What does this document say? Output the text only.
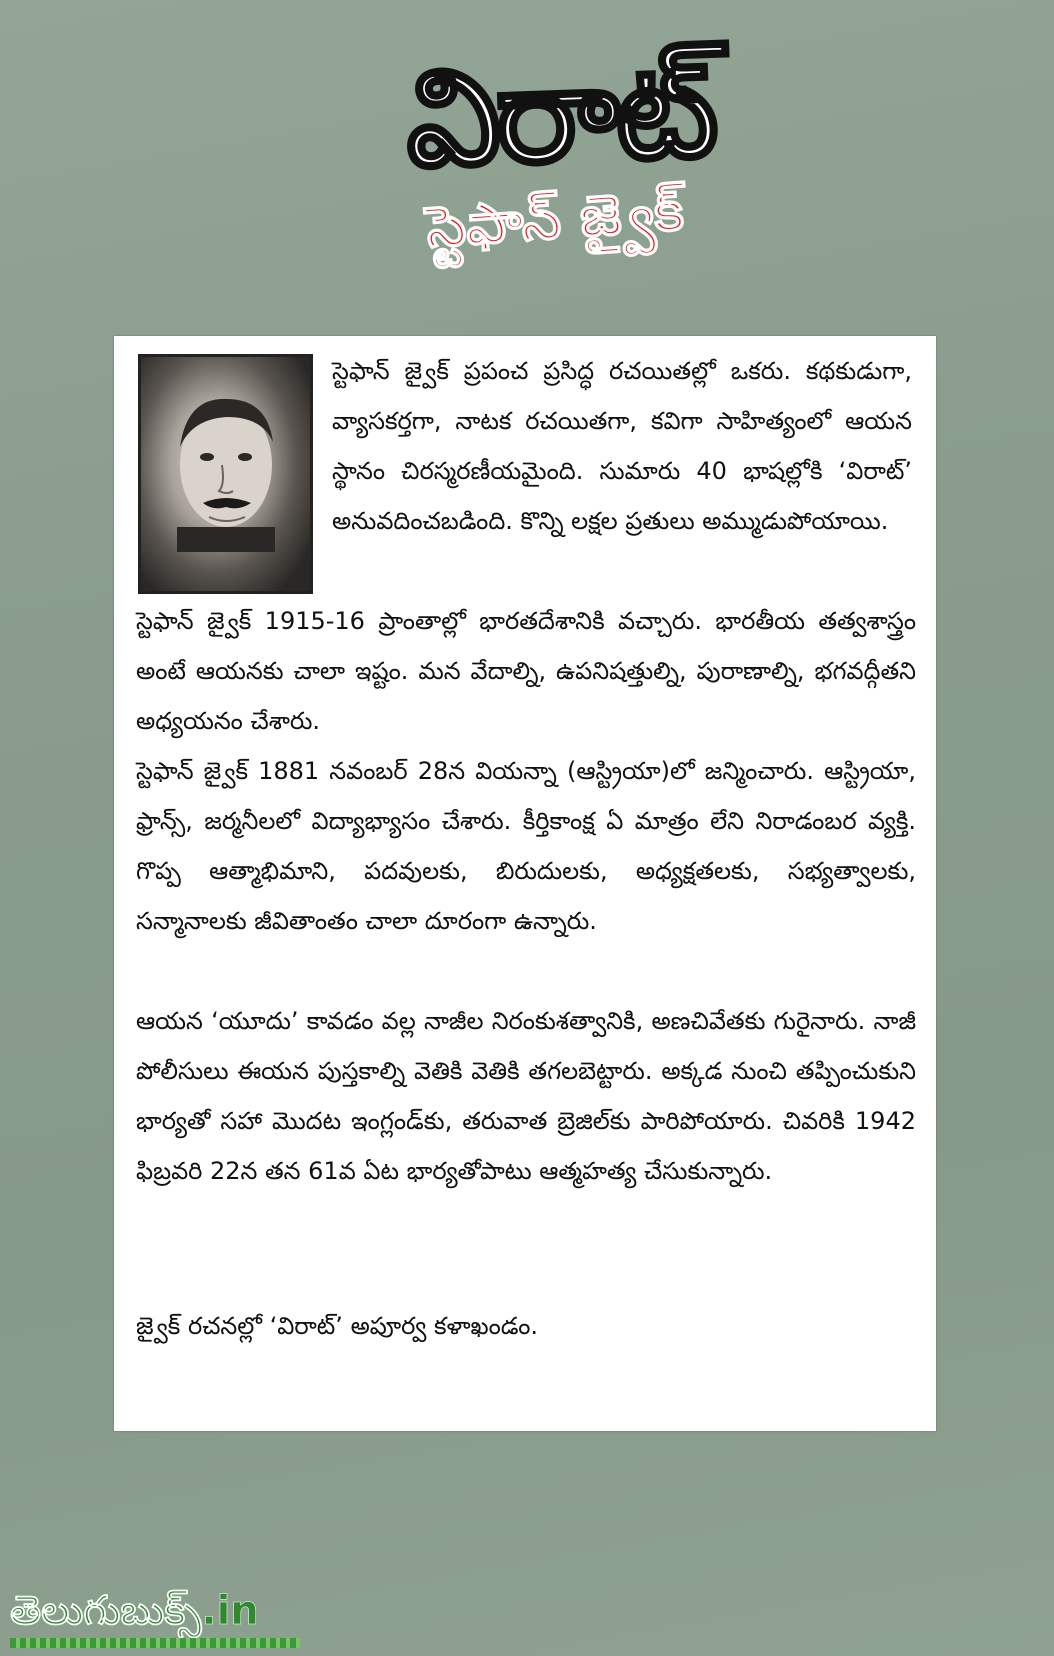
విరాట్
స్టెఫాన్ జ్వైక్

స్టెఫాన్ జ్వైక్ ప్రపంచ ప్రసిద్ధ రచయితల్లో ఒకరు. కథకుడుగా, వ్యాసకర్తగా, నాటక రచయితగా, కవిగా సాహిత్యంలో ఆయన స్థానం చిరస్మరణీయమైంది. సుమారు 40 భాషల్లోకి ‘విరాట్’ అనువదించబడింది. కొన్ని లక్షల ప్రతులు అమ్ముడుపోయాయి.

స్టెఫాన్ జ్వైక్ 1915-16 ప్రాంతాల్లో భారతదేశానికి వచ్చారు. భారతీయ తత్వశాస్త్రం అంటే ఆయనకు చాలా ఇష్టం. మన వేదాల్ని, ఉపనిషత్తుల్ని, పురాణాల్ని, భగవద్గీతని అధ్యయనం చేశారు.

స్టెఫాన్ జ్వైక్ 1881 నవంబర్ 28న వియన్నా (ఆస్ట్రియా)లో జన్మించారు. ఆస్ట్రియా, ఫ్రాన్స్, జర్మనీలలో విద్యాభ్యాసం చేశారు. కీర్తికాంక్ష ఏ మాత్రం లేని నిరాడంబర వ్యక్తి. గొప్ప ఆత్మాభిమాని, పదవులకు, బిరుదులకు, అధ్యక్షతలకు, సభ్యత్వాలకు, సన్మానాలకు జీవితాంతం చాలా దూరంగా ఉన్నారు.

ఆయన ‘యూదు’ కావడం వల్ల నాజీల నిరంకుశత్వానికి, అణచివేతకు గురైనారు. నాజీ పోలీసులు ఈయన పుస్తకాల్ని వెతికి వెతికి తగలబెట్టారు. అక్కడ నుంచి తప్పించుకుని భార్యతో సహా మొదట ఇంగ్లండ్‌కు, తరువాత బ్రెజిల్‌కు పారిపోయారు. చివరికి 1942 ఫిబ్రవరి 22న తన 61వ ఏట భార్యతోపాటు ఆత్మహత్య చేసుకున్నారు.

జ్వైక్ రచనల్లో ‘విరాట్’ అపూర్వ కళాఖండం.

తెలుగుబుక్స్.in
